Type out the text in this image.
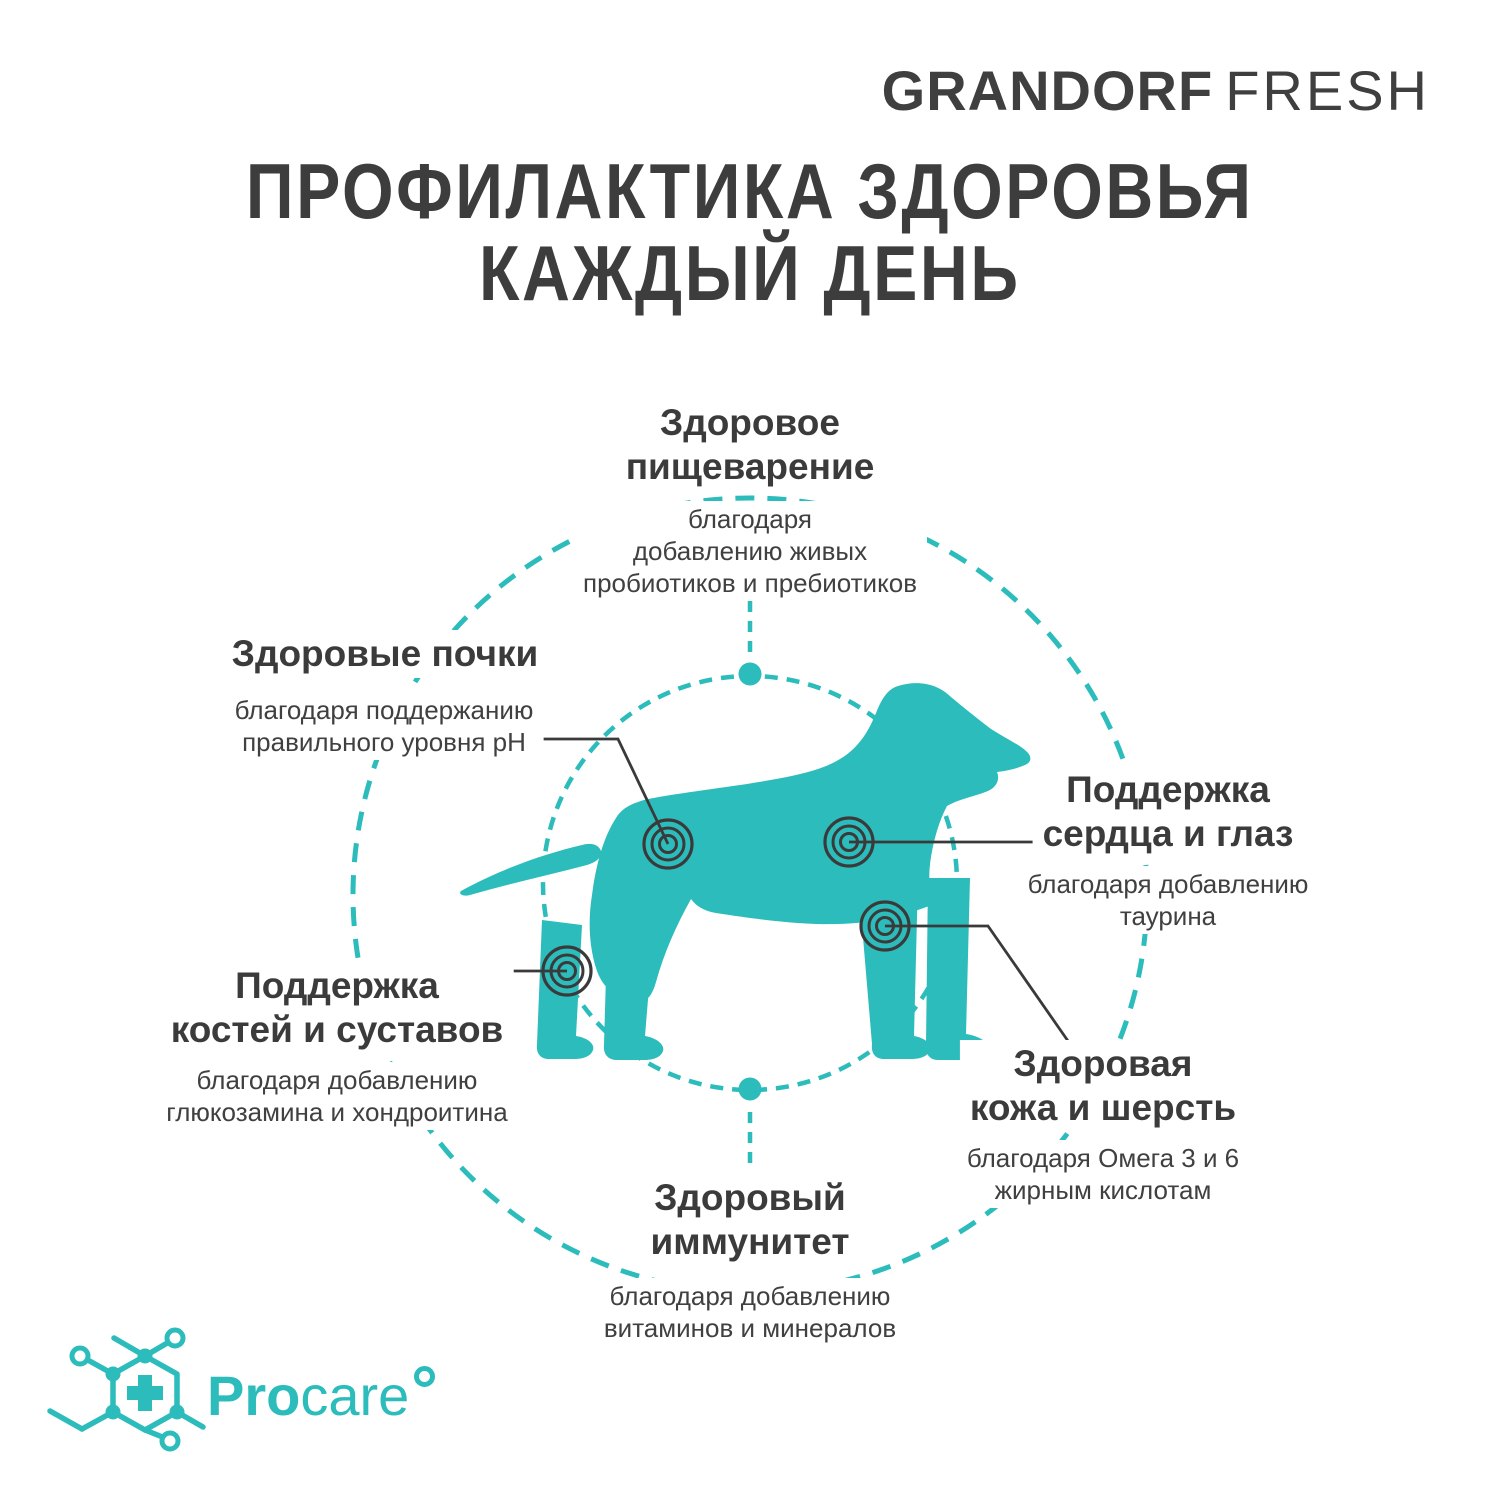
GRANDORF FRESH
ПРОФИЛАКТИКА ЗДОРОВЬЯ
КАЖДЫЙ ДЕНЬ
Здоровое
пищеварение
благодаря
добавлению живых
пробиотиков и пребиотиков
Здоровые почки
благодаря поддержанию
правильного уровня pH
Поддержка
сердца и глаз
благодаря добавлению
таурина
Поддержка
костей и суставов
благодаря добавлению
глюкозамина и хондроитина
Здоровая
кожа и шерсть
благодаря Омега 3 и 6
жирным кислотам
Здоровый
иммунитет
благодаря добавлению
витаминов и минералов
Procare
